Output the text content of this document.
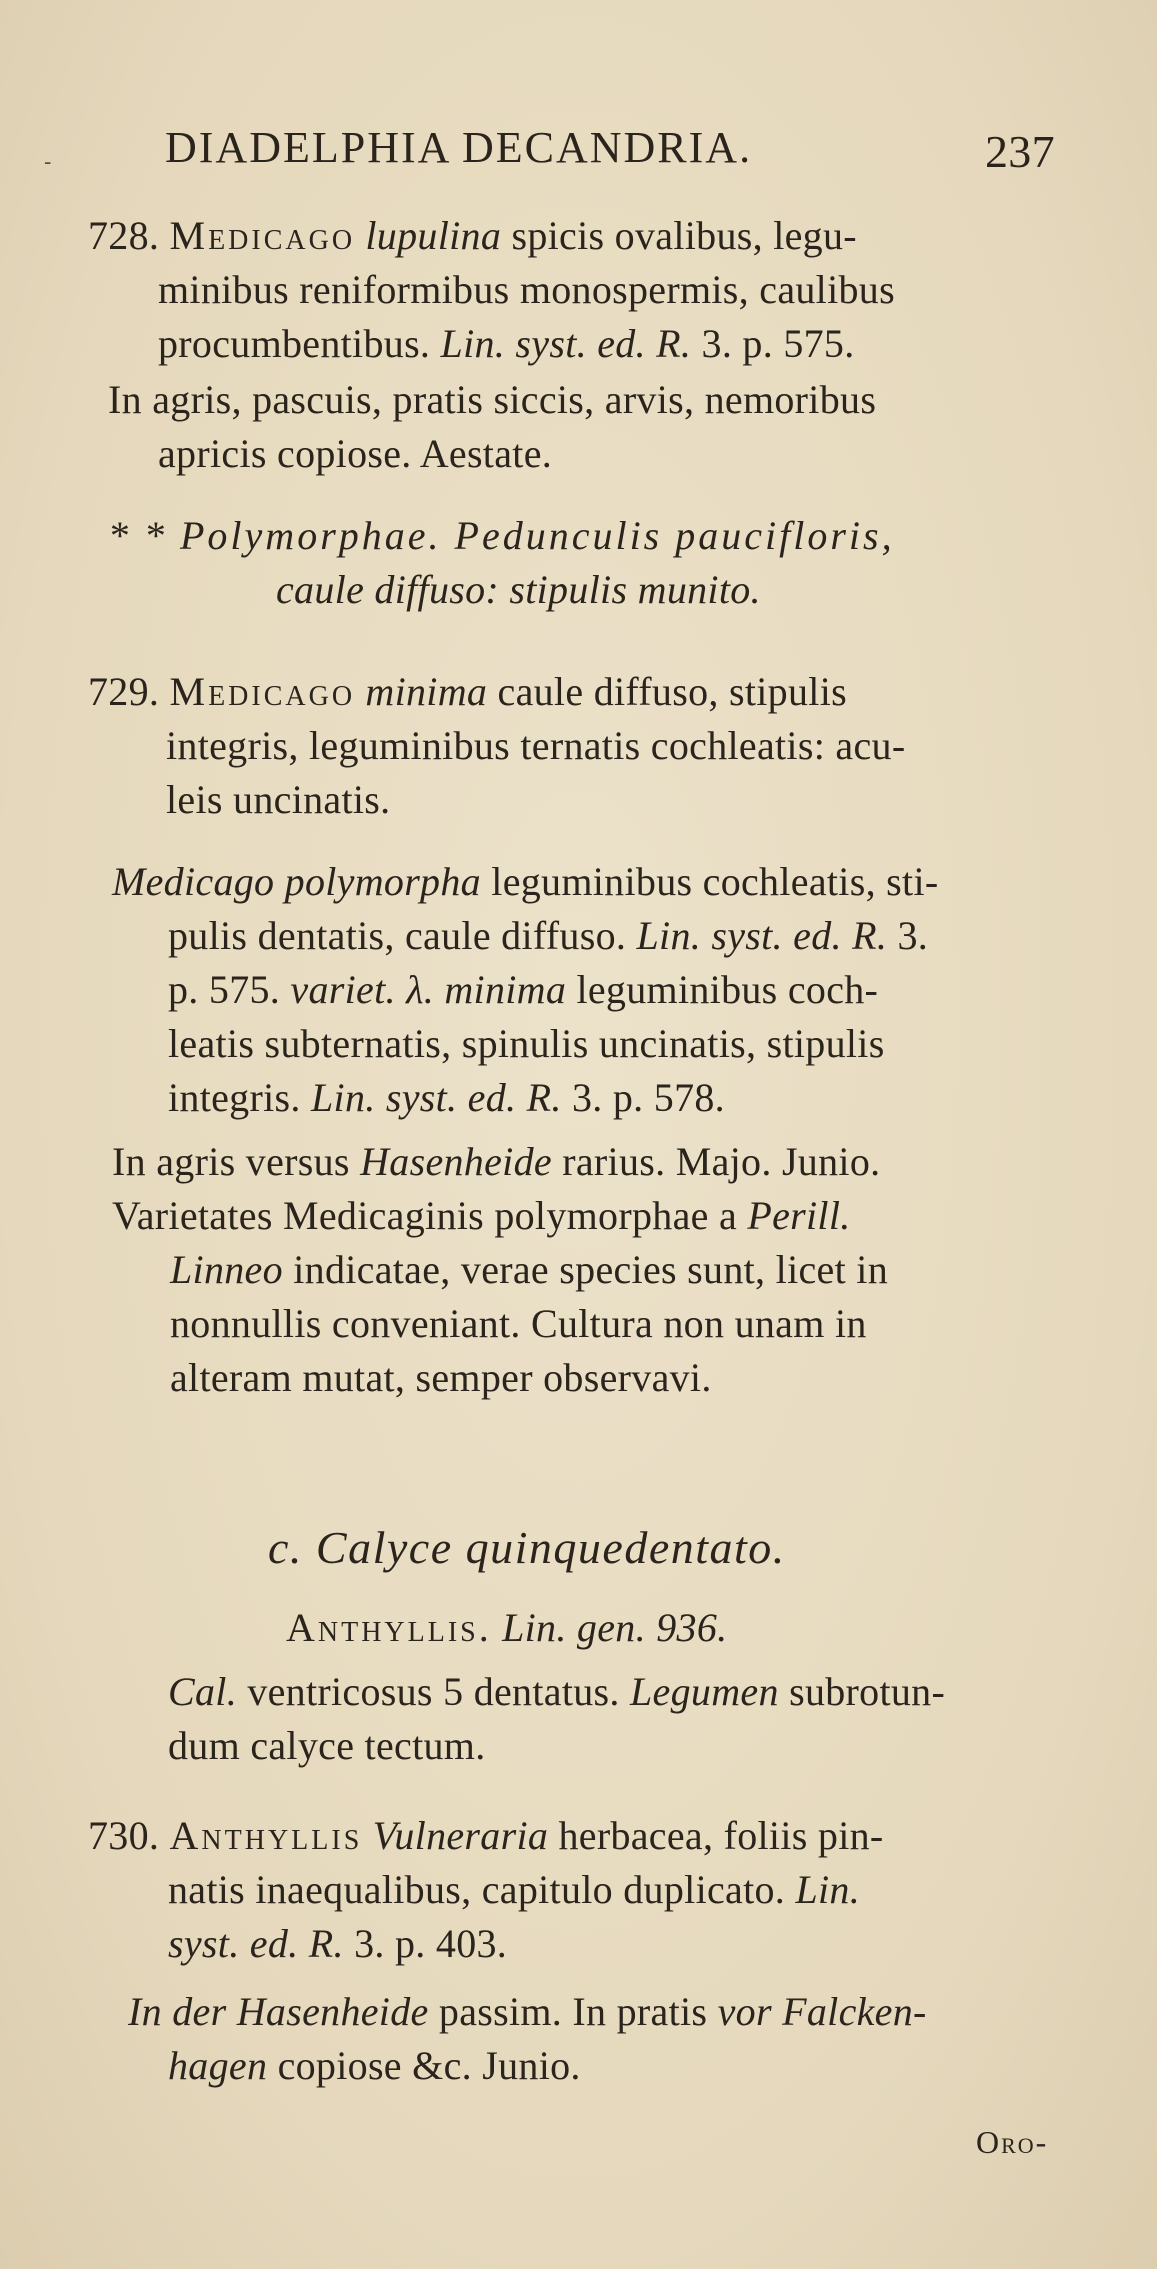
-	DIADELPHIA DECANDRIA.	237
728. Medicago lupulina spicis ovalibus, legu-
minibus reniformibus monospermis, caulibus
procumbentibus. Lin. syst. ed. R. 3. p. 575.
In agris, pascuis, pratis siccis, arvis, nemoribus
apricis copiose. Aestate.
* * Polymorphae. Pedunculis paucifloris,
caule diffuso: stipulis munito.
729. Medicago minima caule diffuso, stipulis
integris, leguminibus ternatis cochleatis: acu-
leis uncinatis.
Medicago polymorpha leguminibus cochleatis, sti-
pulis dentatis, caule diffuso. Lin. syst. ed. R. 3.
p. 575. variet. λ. minima leguminibus coch-
leatis subternatis, spinulis uncinatis, stipulis
integris. Lin. syst. ed. R. 3. p. 578.
In agris versus Hasenheide rarius. Majo. Junio.
Varietates Medicaginis polymorphae a Perill.
Linneo indicatae, verae species sunt, licet in
nonnullis conveniant. Cultura non unam in
alteram mutat, semper observavi.
c. Calyce quinquedentato.
Anthyllis. Lin. gen. 936.
Cal. ventricosus 5 dentatus. Legumen subrotun-
dum calyce tectum.
730. Anthyllis Vulneraria herbacea, foliis pin-
natis inaequalibus, capitulo duplicato. Lin.
syst. ed. R. 3. p. 403.
In der Hasenheide passim. In pratis vor Falcken-
hagen copiose &c. Junio.
Oro-
